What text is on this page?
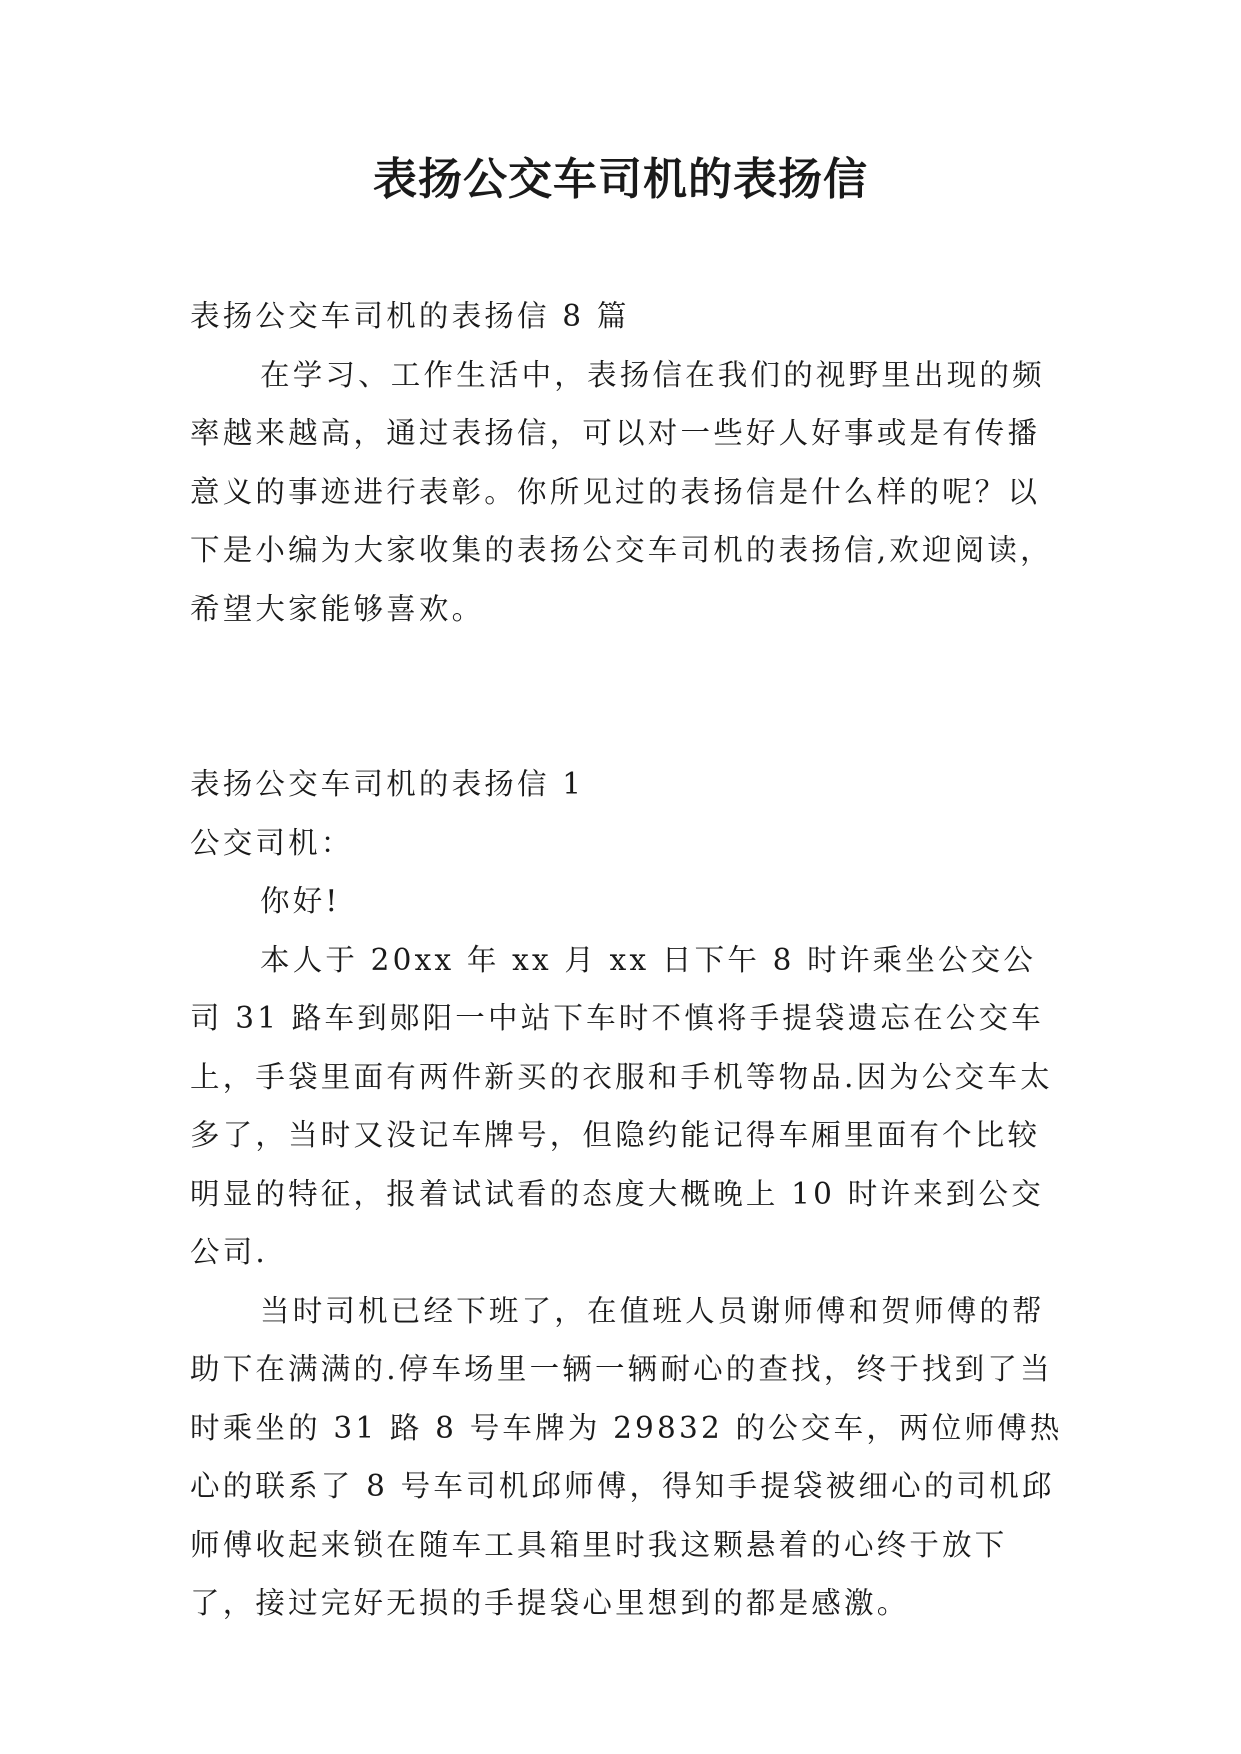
表扬公交车司机的表扬信

表扬公交车司机的表扬信 8 篇

在学习、工作生活中，表扬信在我们的视野里出现的频率越来越高，通过表扬信，可以对一些好人好事或是有传播意义的事迹进行表彰。你所见过的表扬信是什么样的呢？以下是小编为大家收集的表扬公交车司机的表扬信,欢迎阅读，希望大家能够喜欢。

表扬公交车司机的表扬信 1

公交司机：

你好!

本人于 20xx 年 xx 月 xx 日下午 8 时许乘坐公交公司 31 路车到郧阳一中站下车时不慎将手提袋遗忘在公交车上，手袋里面有两件新买的衣服和手机等物品.因为公交车太多了，当时又没记车牌号，但隐约能记得车厢里面有个比较明显的特征，报着试试看的态度大概晚上 10 时许来到公交公司.

当时司机已经下班了，在值班人员谢师傅和贺师傅的帮助下在满满的.停车场里一辆一辆耐心的查找，终于找到了当时乘坐的 31 路 8 号车牌为 29832 的公交车，两位师傅热心的联系了 8 号车司机邱师傅，得知手提袋被细心的司机邱师傅收起来锁在随车工具箱里时我这颗悬着的心终于放下了，接过完好无损的手提袋心里想到的都是感激。
